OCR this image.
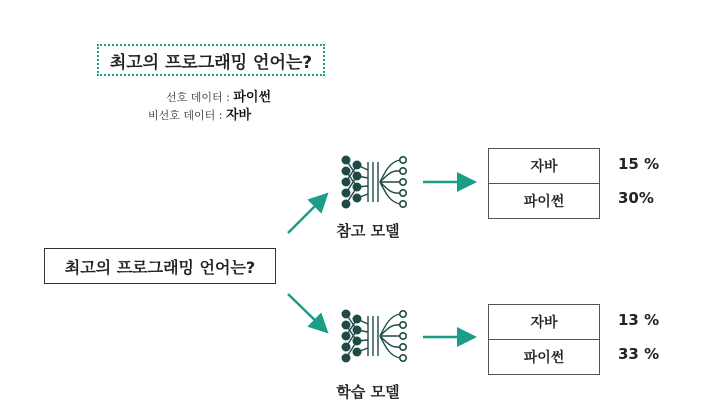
최고의 프로그래밍 언어는?
선호 데이터 : 파이썬
비선호 데이터 : 자바
최고의 프로그래밍 언어는?
참고 모델
학습 모델
자바
파이썬
15 %
30%
자바
파이썬
13 %
33 %
